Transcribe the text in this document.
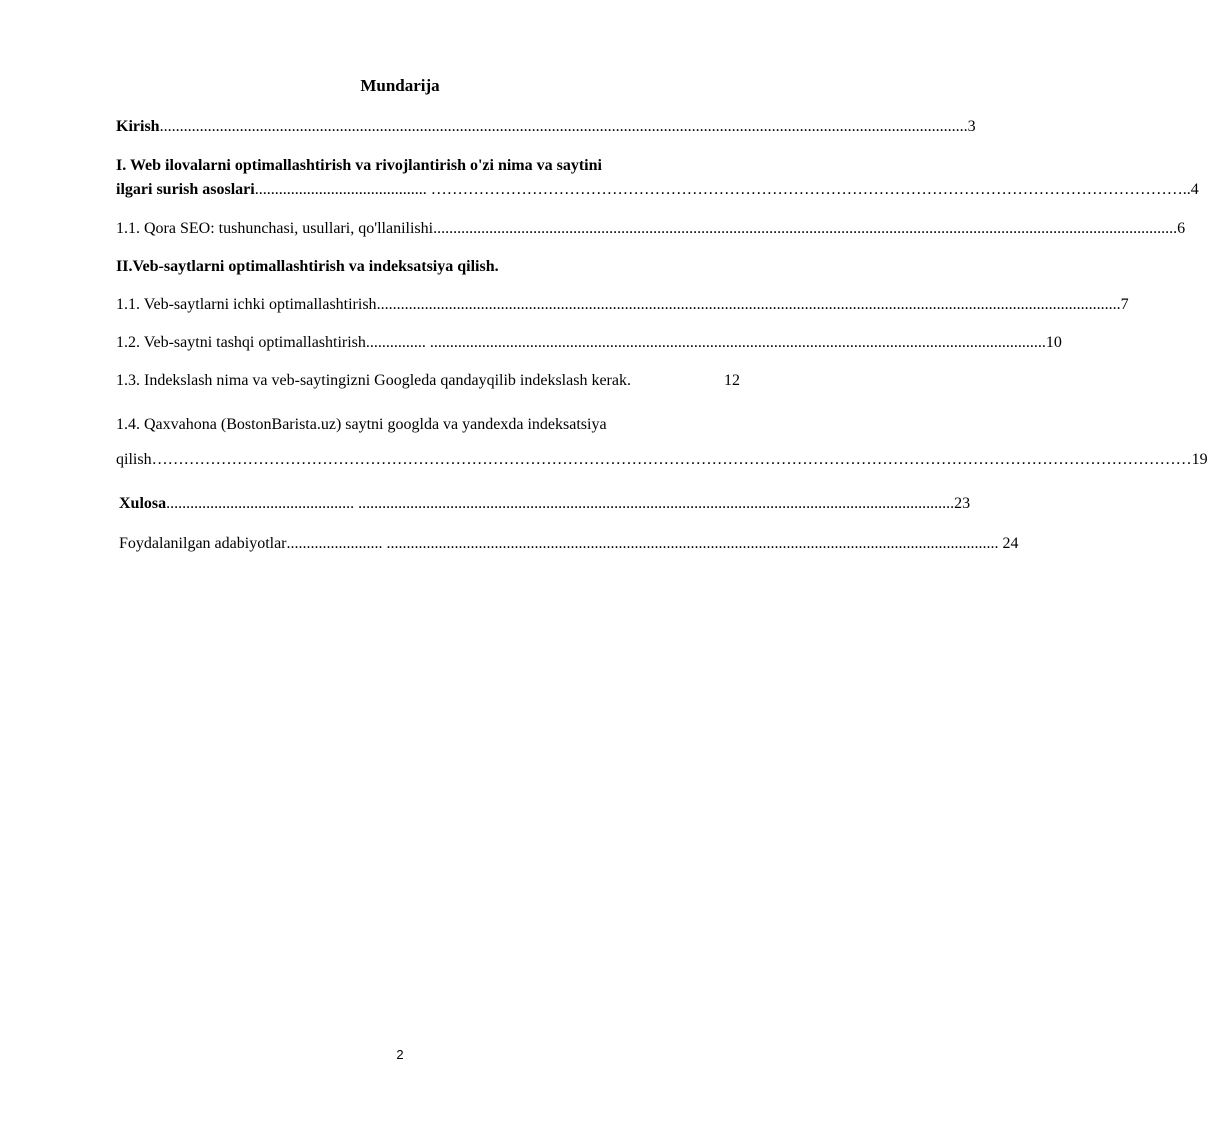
Mundarija
Kirish .......................................................................................................................................................................................................... 3
I. Web ilovalarni optimallashtirish va rivojlantirish o'zi nima va saytini
ilgari surish asoslari ........................................... …………………………………………………………………………………………………………………………….. 4
1.1. Qora SEO: tushunchasi, usullari, qo'llanilishi .......................................................................................................................................................................................... 6
II.Veb-saytlarni optimallashtirish va indeksatsiya qilish.
1.1. Veb-saytlarni ichki optimallashtirish .......................................................................................................................................................................................... 7
1.2. Veb-saytni tashqi optimallashtirish ............... .......................................................................................................................................................... 10
1.3. Indekslash nima va veb-saytingizni Googleda qandayqilib indekslash kerak.	12
1.4. Qaxvahona (BostonBarista.uz) saytni googlda va yandexda indeksatsiya
qilish …………………………………………………………………………………………………………………………………………………………………………… 19
Xulosa ............................................... ..................................................................................................................................................... 23
Foydalanilgan adabiyotlar ........................ ......................................................................................................................................................... 24
2
